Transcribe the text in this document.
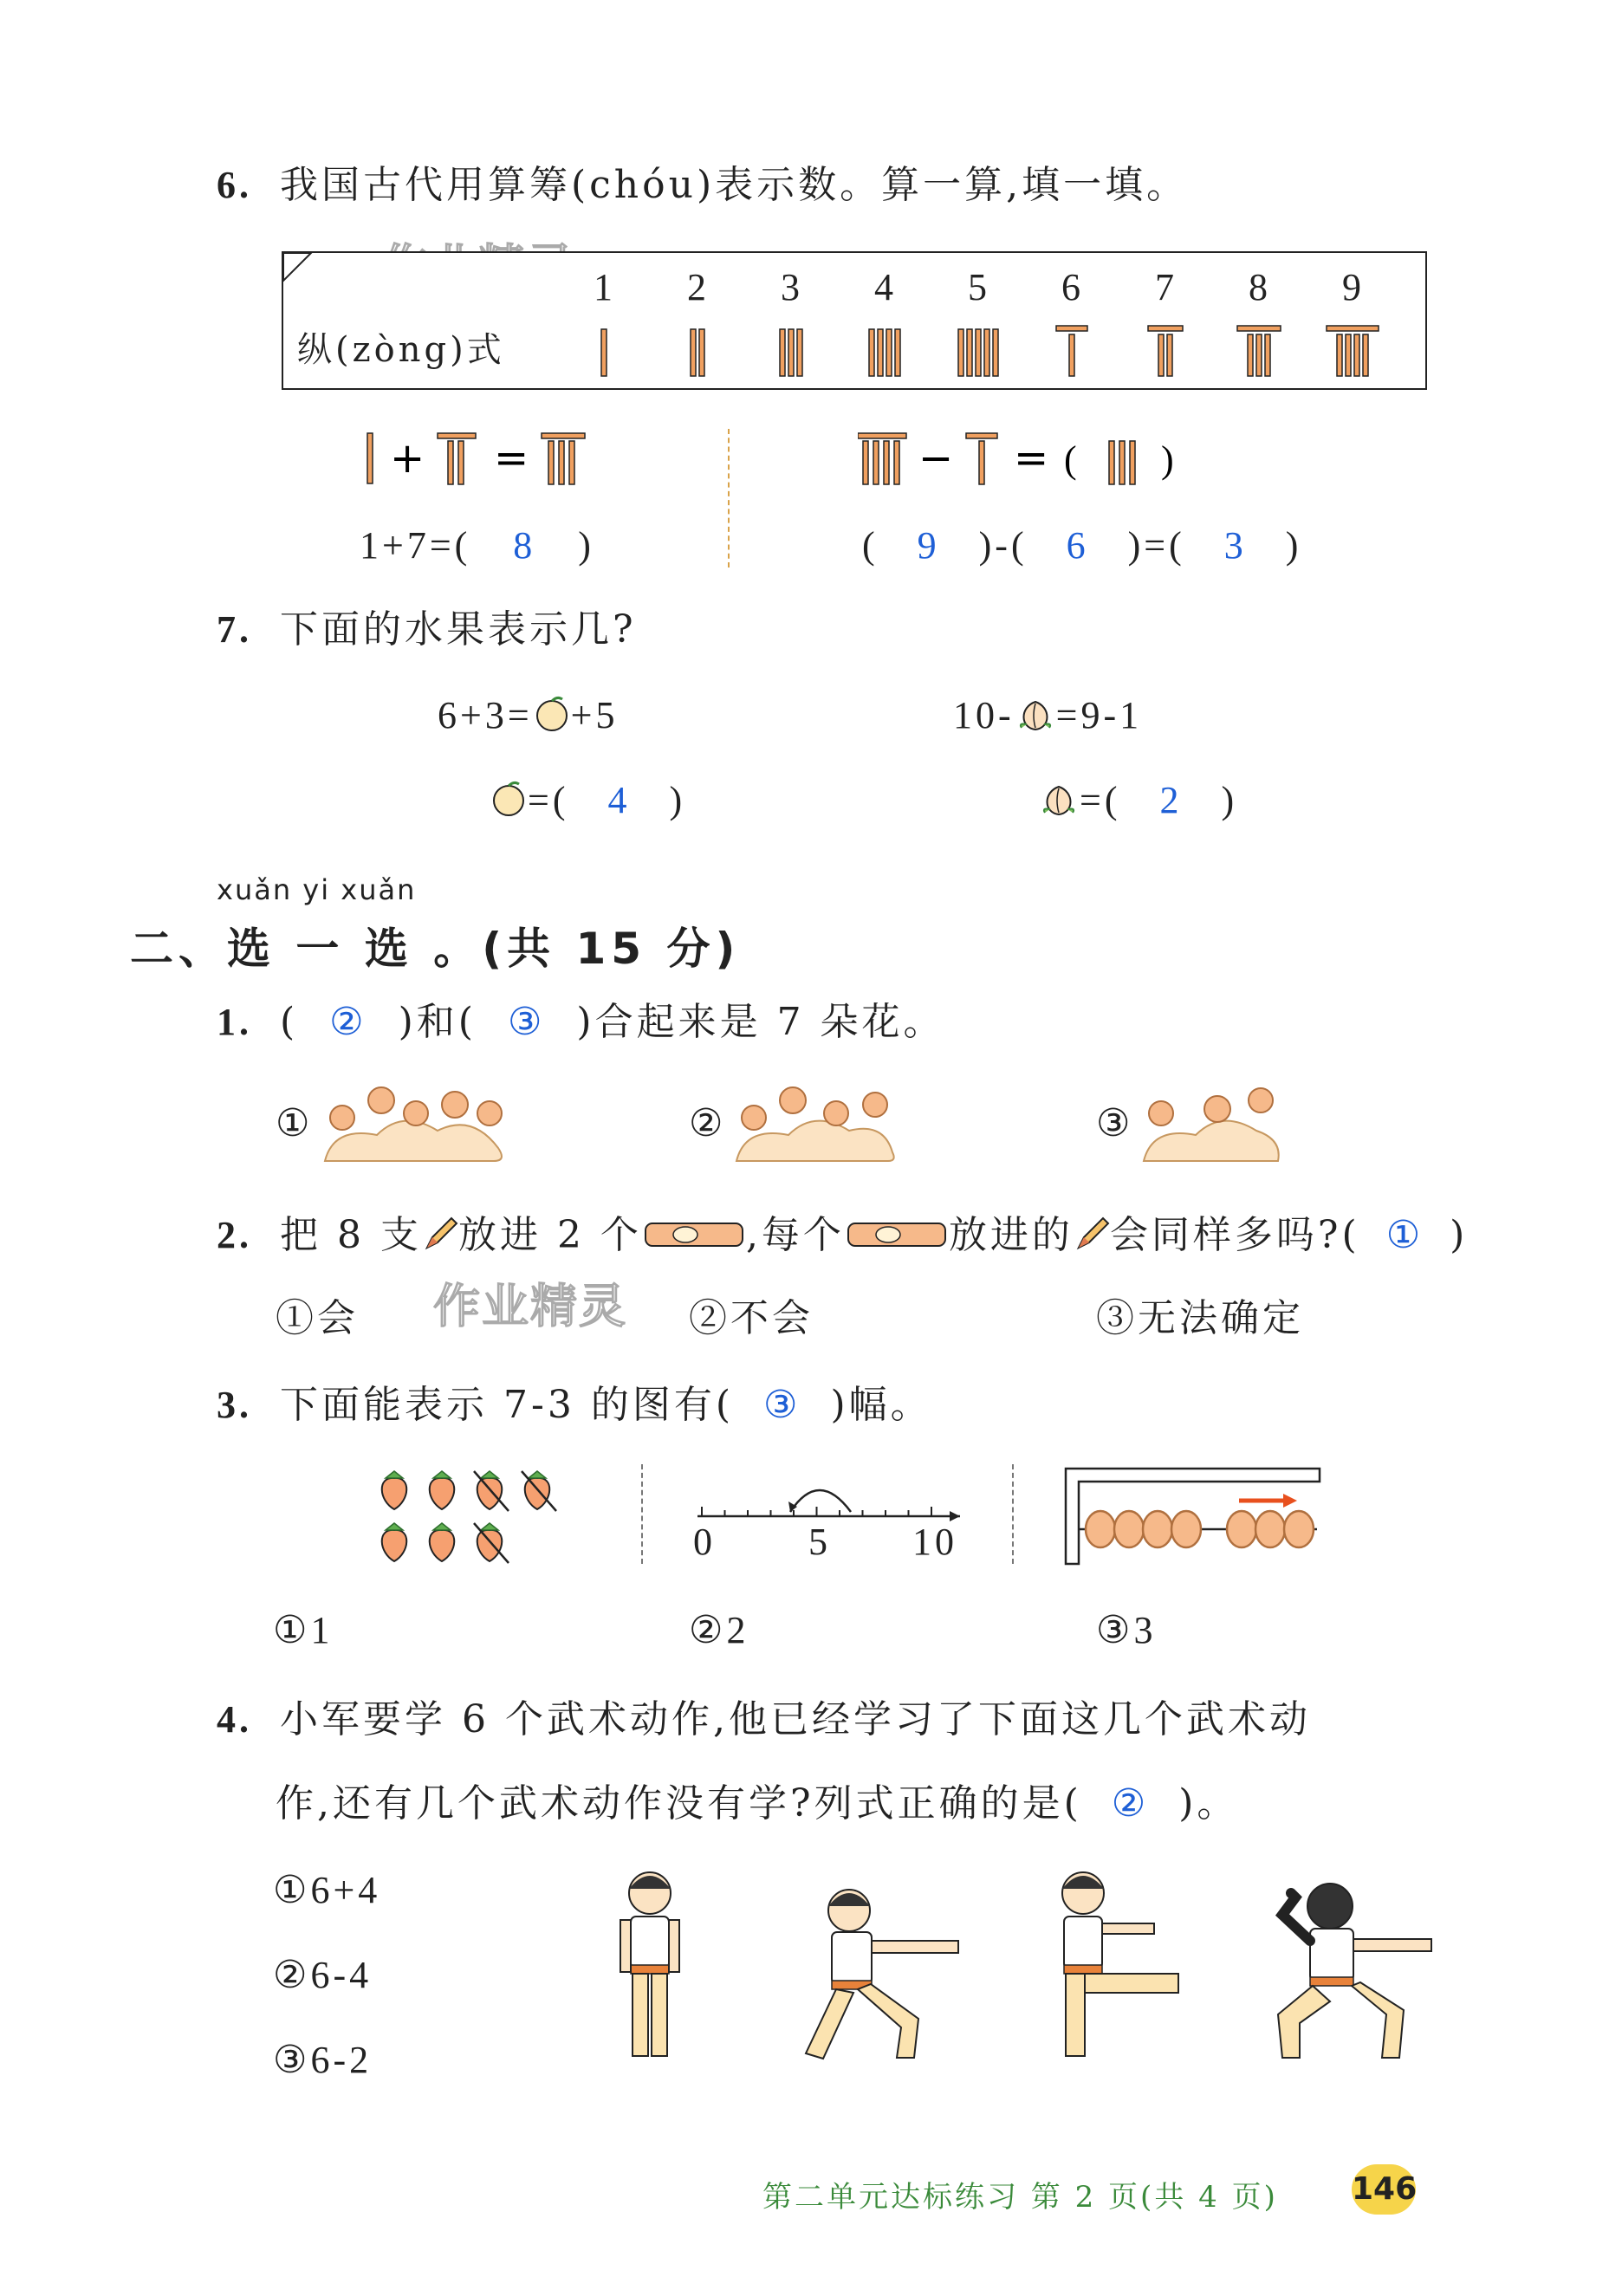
6. 我国古代用算筹(chóu)表示数。算一算,填一填。
1 2 3 4 5 6 7 8 9
纵(zòng)式
+ =
1+7=( 8 )
− = ( )
( 9 )-( 6 )=( 3 )
7. 下面的水果表示几?
6+3= +5
=( 4 )
10- =9-1
=( 2 )
xuǎn yi xuǎn
二、选 一 选 。(共 15 分)
1. ( ② )和( ③ )合起来是 7 朵花。
①	②	③
2. 把 8 支 放进 2 个	,每个	放进的 会同样多吗?( ① )
作业精灵
①会	②不会	③无法确定
3. 下面能表示 7-3 的图有( ③ )幅。
0 5 10
①1	②2	③3
4. 小军要学 6 个武术动作,他已经学习了下面这几个武术动
作,还有几个武术动作没有学?列式正确的是( ② )。
①6+4
②6-4
③6-2
第二单元达标练习 第 2 页(共 4 页) 146
